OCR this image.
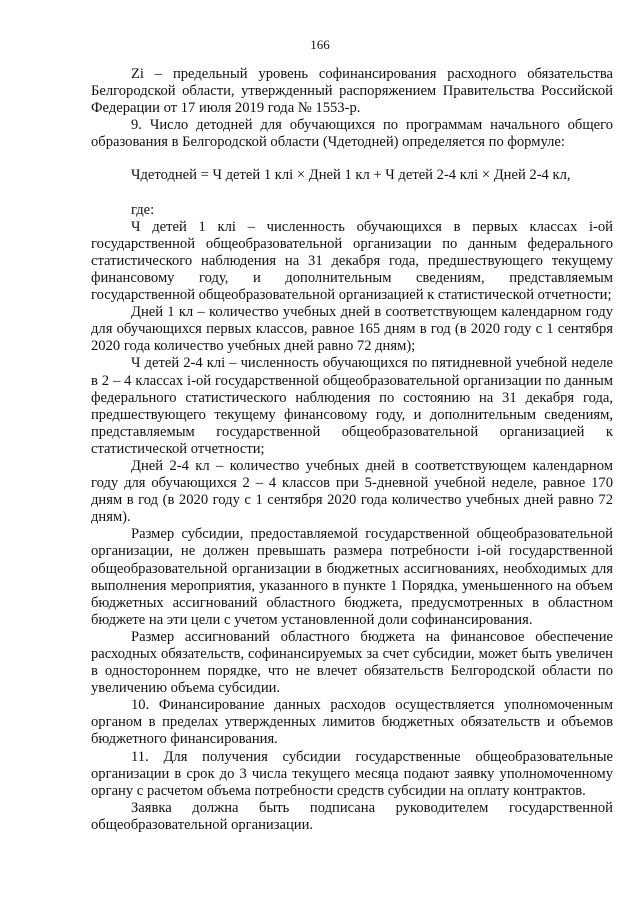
166

Zi – предельный уровень софинансирования расходного обязательства Белгородской области, утвержденный распоряжением Правительства Российской Федерации от 17 июля 2019 года № 1553-р.

9. Число детодней для обучающихся по программам начального общего образования в Белгородской области (Чдетодней) определяется по формуле:

Чдетодней = Ч детей 1 клi × Дней 1 кл + Ч детей 2-4 клi × Дней 2-4 кл,

где:

Ч детей 1 клi – численность обучающихся в первых классах i-ой государственной общеобразовательной организации по данным федерального статистического наблюдения на 31 декабря года, предшествующего текущему финансовому году, и дополнительным сведениям, представляемым государственной общеобразовательной организацией к статистической отчетности;

Дней 1 кл – количество учебных дней в соответствующем календарном году для обучающихся первых классов, равное 165 дням в год (в 2020 году с 1 сентября 2020 года количество учебных дней равно 72 дням);

Ч детей 2-4 клi – численность обучающихся по пятидневной учебной неделе в 2 – 4 классах i-ой государственной общеобразовательной организации по данным федерального статистического наблюдения по состоянию на 31 декабря года, предшествующего текущему финансовому году, и дополнительным сведениям, представляемым государственной общеобразовательной организацией к статистической отчетности;

Дней 2-4 кл – количество учебных дней в соответствующем календарном году для обучающихся 2 – 4 классов при 5-дневной учебной неделе, равное 170 дням в год (в 2020 году с 1 сентября 2020 года количество учебных дней равно 72 дням).

Размер субсидии, предоставляемой государственной общеобразовательной организации, не должен превышать размера потребности i-ой государственной общеобразовательной организации в бюджетных ассигнованиях, необходимых для выполнения мероприятия, указанного в пункте 1 Порядка, уменьшенного на объем бюджетных ассигнований областного бюджета, предусмотренных в областном бюджете на эти цели с учетом установленной доли софинансирования.

Размер ассигнований областного бюджета на финансовое обеспечение расходных обязательств, софинансируемых за счет субсидии, может быть увеличен в одностороннем порядке, что не влечет обязательств Белгородской области по увеличению объема субсидии.

10. Финансирование данных расходов осуществляется уполномоченным органом в пределах утвержденных лимитов бюджетных обязательств и объемов бюджетного финансирования.

11. Для получения субсидии государственные общеобразовательные организации в срок до 3 числа текущего месяца подают заявку уполномоченному органу с расчетом объема потребности средств субсидии на оплату контрактов.

Заявка должна быть подписана руководителем государственной общеобразовательной организации.
